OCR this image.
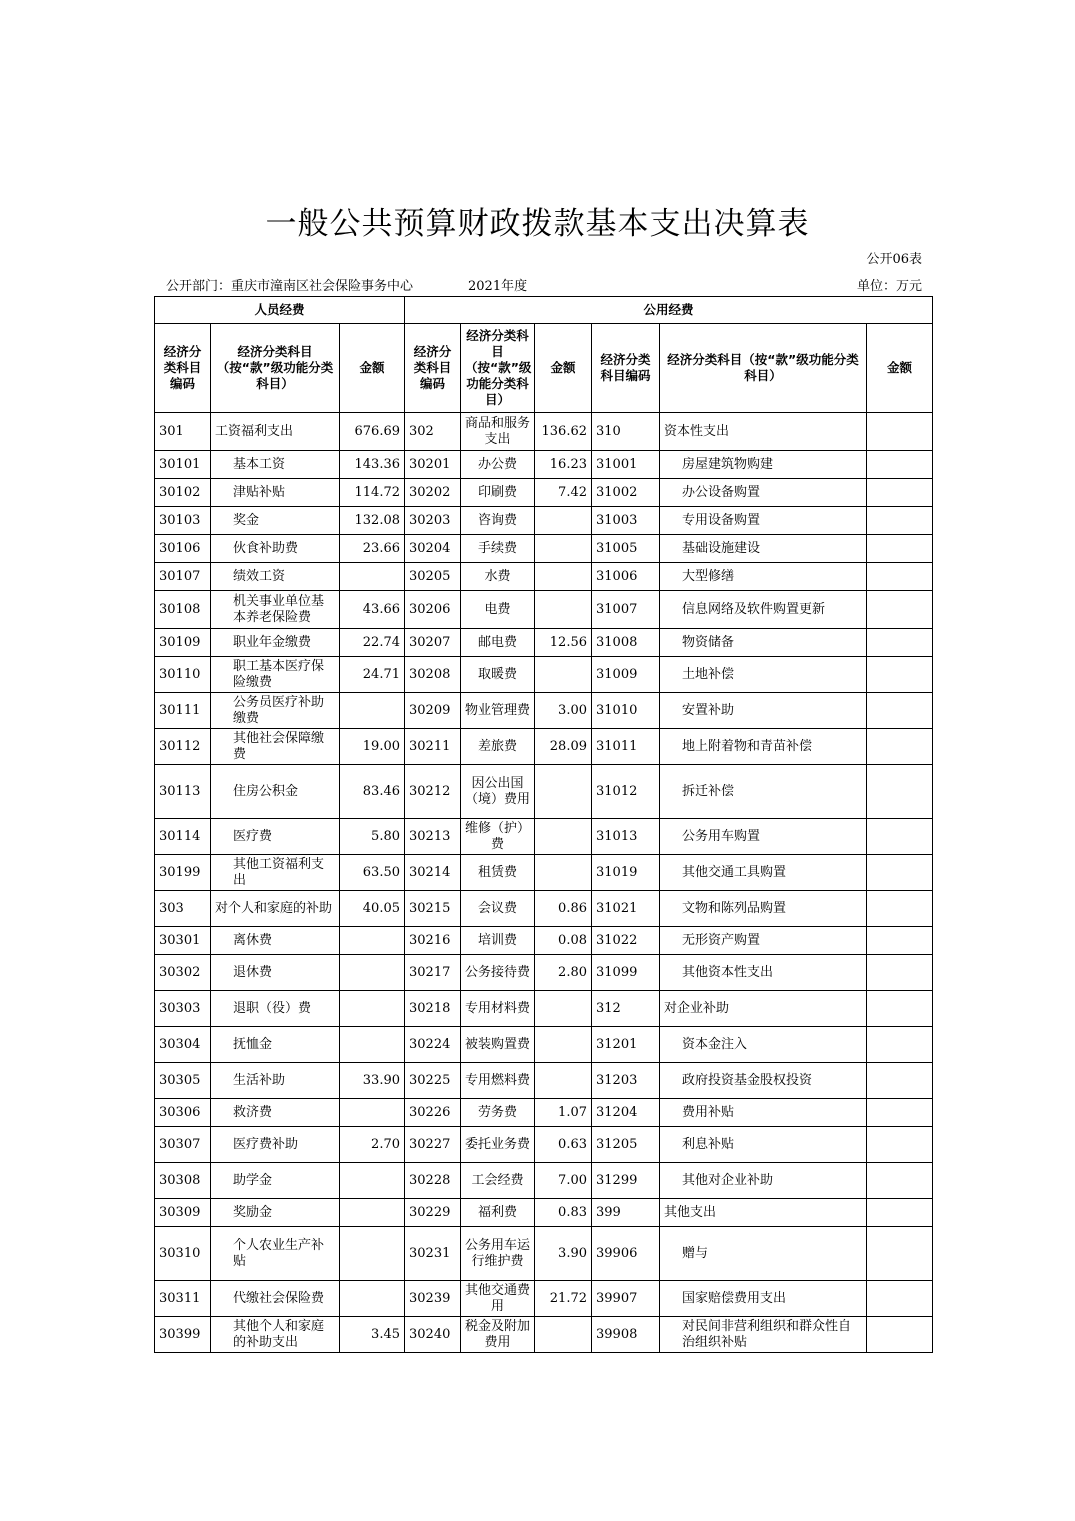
一般公共预算财政拨款基本支出决算表
公开06表
公开部门：重庆市潼南区社会保险事务中心	2021年度	单位：万元
人员经费			公用经费					
经济分类科目编码	经济分类科目（按“款”级功能分类科目）	金额	经济分类科目编码	经济分类科目（按“款”级功能分类科目）	金额	经济分类科目编码	经济分类科目（按“款”级功能分类科目）	金额
301	工资福利支出	676.69	302	商品和服务支出	136.62	310	资本性支出	
30101	基本工资	143.36	30201	办公费	16.23	31001	房屋建筑物购建	
30102	津贴补贴	114.72	30202	印刷费	7.42	31002	办公设备购置	
30103	奖金	132.08	30203	咨询费		31003	专用设备购置	
30106	伙食补助费	23.66	30204	手续费		31005	基础设施建设	
30107	绩效工资		30205	水费		31006	大型修缮	
30108	机关事业单位基本养老保险费	43.66	30206	电费		31007	信息网络及软件购置更新	
30109	职业年金缴费	22.74	30207	邮电费	12.56	31008	物资储备	
30110	职工基本医疗保险缴费	24.71	30208	取暖费		31009	土地补偿	
30111	公务员医疗补助缴费		30209	物业管理费	3.00	31010	安置补助	
30112	其他社会保障缴费	19.00	30211	差旅费	28.09	31011	地上附着物和青苗补偿	
30113	住房公积金	83.46	30212	因公出国（境）费用		31012	拆迁补偿	
30114	医疗费	5.80	30213	维修（护）费		31013	公务用车购置	
30199	其他工资福利支出	63.50	30214	租赁费		31019	其他交通工具购置	
303	对个人和家庭的补助	40.05	30215	会议费	0.86	31021	文物和陈列品购置	
30301	离休费		30216	培训费	0.08	31022	无形资产购置	
30302	退休费		30217	公务接待费	2.80	31099	其他资本性支出	
30303	退职（役）费		30218	专用材料费		312	对企业补助	
30304	抚恤金		30224	被装购置费		31201	资本金注入	
30305	生活补助	33.90	30225	专用燃料费		31203	政府投资基金股权投资	
30306	救济费		30226	劳务费	1.07	31204	费用补贴	
30307	医疗费补助	2.70	30227	委托业务费	0.63	31205	利息补贴	
30308	助学金		30228	工会经费	7.00	31299	其他对企业补助	
30309	奖励金		30229	福利费	0.83	399	其他支出	
30310	个人农业生产补贴		30231	公务用车运行维护费	3.90	39906	赠与	
30311	代缴社会保险费		30239	其他交通费用	21.72	39907	国家赔偿费用支出	
30399	其他个人和家庭的补助支出	3.45	30240	税金及附加费用		39908	对民间非营利组织和群众性自治组织补贴	
